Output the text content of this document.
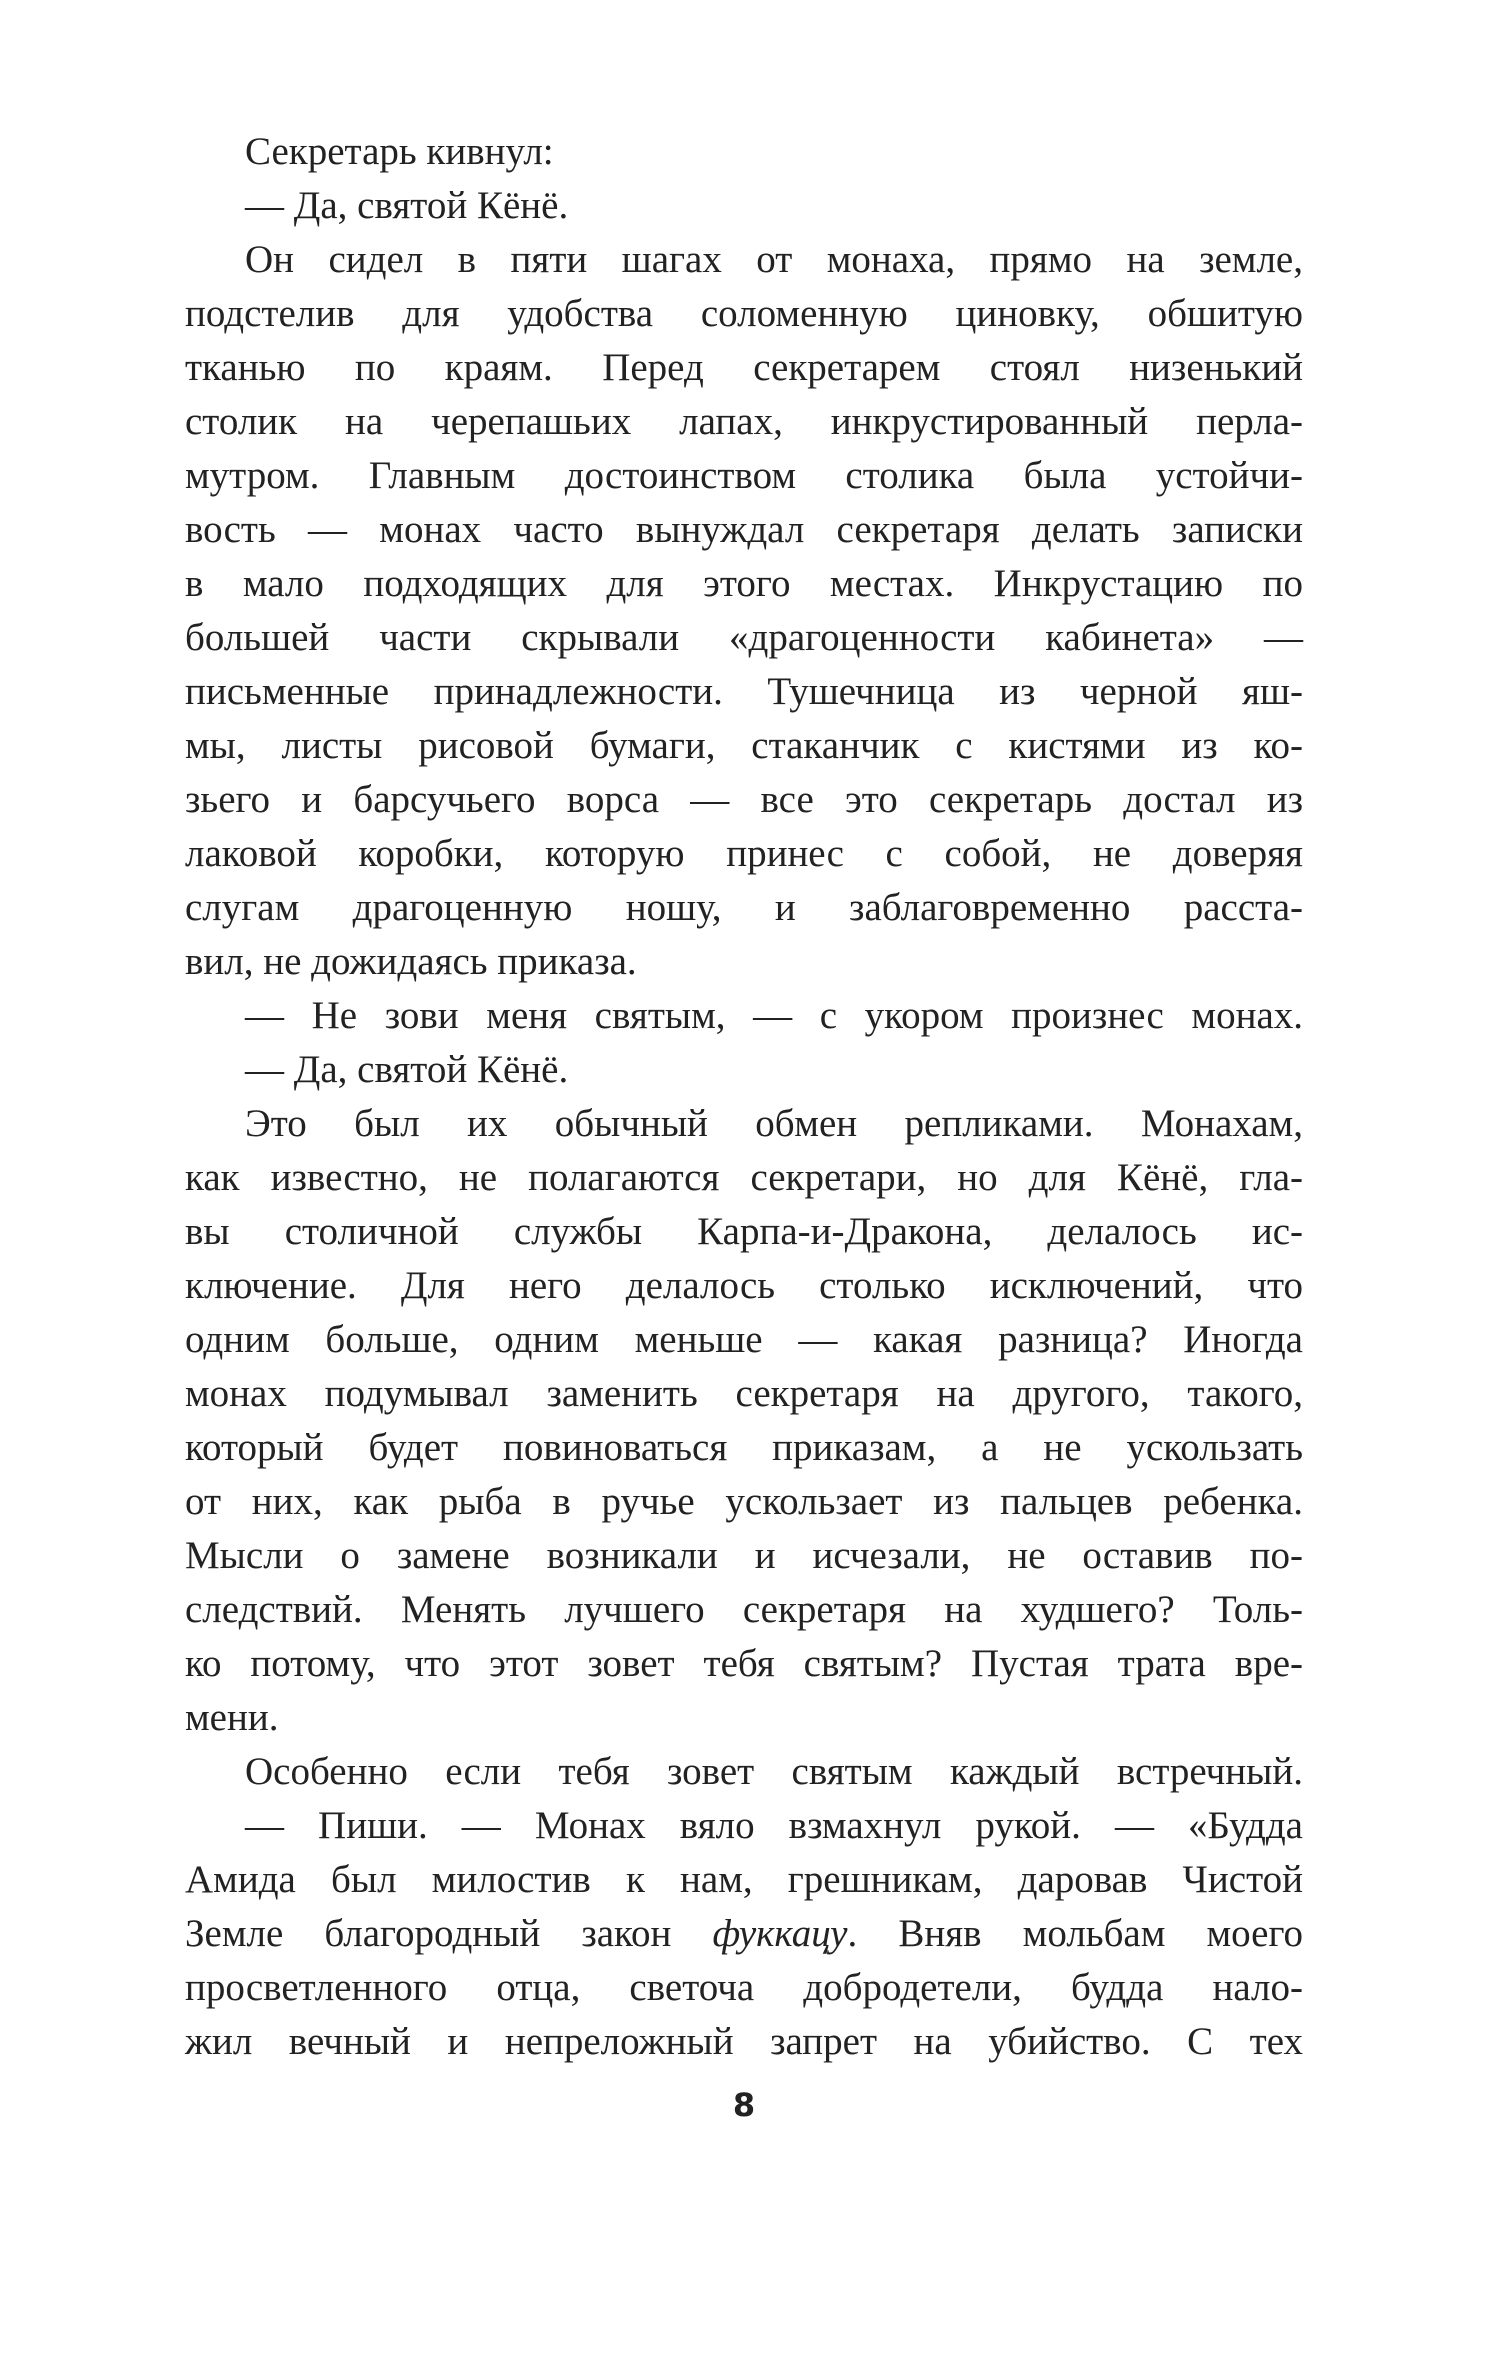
Секретарь кивнул:
— Да, святой Кёнё.
Он сидел в пяти шагах от монаха, прямо на земле,
подстелив для удобства соломенную циновку, обшитую
тканью по краям. Перед секретарем стоял низенький
столик на черепашьих лапах, инкрустированный перла-
мутром. Главным достоинством столика была устойчи-
вость — монах часто вынуждал секретаря делать записки
в мало подходящих для этого местах. Инкрустацию по
большей части скрывали «драгоценности кабинета» —
письменные принадлежности. Тушечница из черной яш-
мы, листы рисовой бумаги, стаканчик с кистями из ко-
зьего и барсучьего ворса — все это секретарь достал из
лаковой коробки, которую принес с собой, не доверяя
слугам драгоценную ношу, и заблаговременно расста-
вил, не дожидаясь приказа.
— Не зови меня святым, — с укором произнес монах.
— Да, святой Кёнё.
Это был их обычный обмен репликами. Монахам,
как известно, не полагаются секретари, но для Кёнё, гла-
вы столичной службы Карпа-и-Дракона, делалось ис-
ключение. Для него делалось столько исключений, что
одним больше, одним меньше — какая разница? Иногда
монах подумывал заменить секретаря на другого, такого,
который будет повиноваться приказам, а не ускользать
от них, как рыба в ручье ускользает из пальцев ребенка.
Мысли о замене возникали и исчезали, не оставив по-
следствий. Менять лучшего секретаря на худшего? Толь-
ко потому, что этот зовет тебя святым? Пустая трата вре-
мени.
Особенно если тебя зовет святым каждый встречный.
— Пиши. — Монах вяло взмахнул рукой. — «Будда
Амида был милостив к нам, грешникам, даровав Чистой
Земле благородный закон фуккацу. Вняв мольбам моего
просветленного отца, светоча добродетели, будда нало-
жил вечный и непреложный запрет на убийство. С тех
8
